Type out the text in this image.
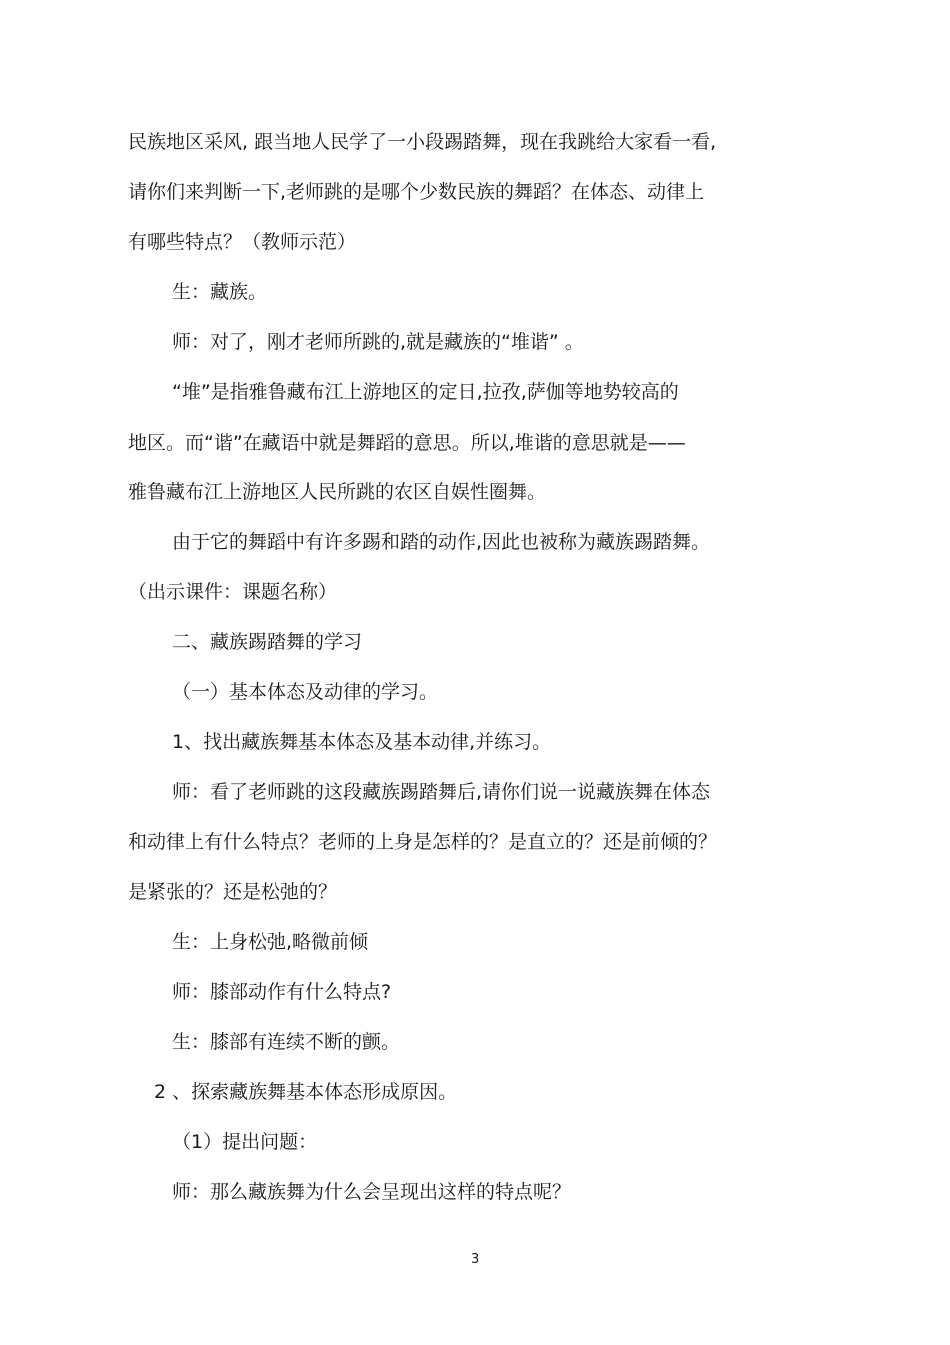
民族地区采风, 跟当地人民学了一小段踢踏舞，现在我跳给大家看一看,
请你们来判断一下,老师跳的是哪个少数民族的舞蹈？在体态、动律上
有哪些特点？（教师示范）
生：藏族。
师：对了，刚才老师所跳的,就是藏族的“堆谐” 。
“堆”是指雅鲁藏布江上游地区的定日,拉孜,萨伽等地势较高的
地区。而“谐”在藏语中就是舞蹈的意思。所以,堆谐的意思就是——
雅鲁藏布江上游地区人民所跳的农区自娱性圈舞。
由于它的舞蹈中有许多踢和踏的动作,因此也被称为藏族踢踏舞。
（出示课件：课题名称）
二、藏族踢踏舞的学习
（一）基本体态及动律的学习。
1、找出藏族舞基本体态及基本动律,并练习。
师：看了老师跳的这段藏族踢踏舞后,请你们说一说藏族舞在体态
和动律上有什么特点？老师的上身是怎样的？是直立的？还是前倾的？
是紧张的？还是松弛的？
生：上身松弛,略微前倾
师：膝部动作有什么特点?
生：膝部有连续不断的颤。
2 、探索藏族舞基本体态形成原因。
（1）提出问题：
师：那么藏族舞为什么会呈现出这样的特点呢？
3
